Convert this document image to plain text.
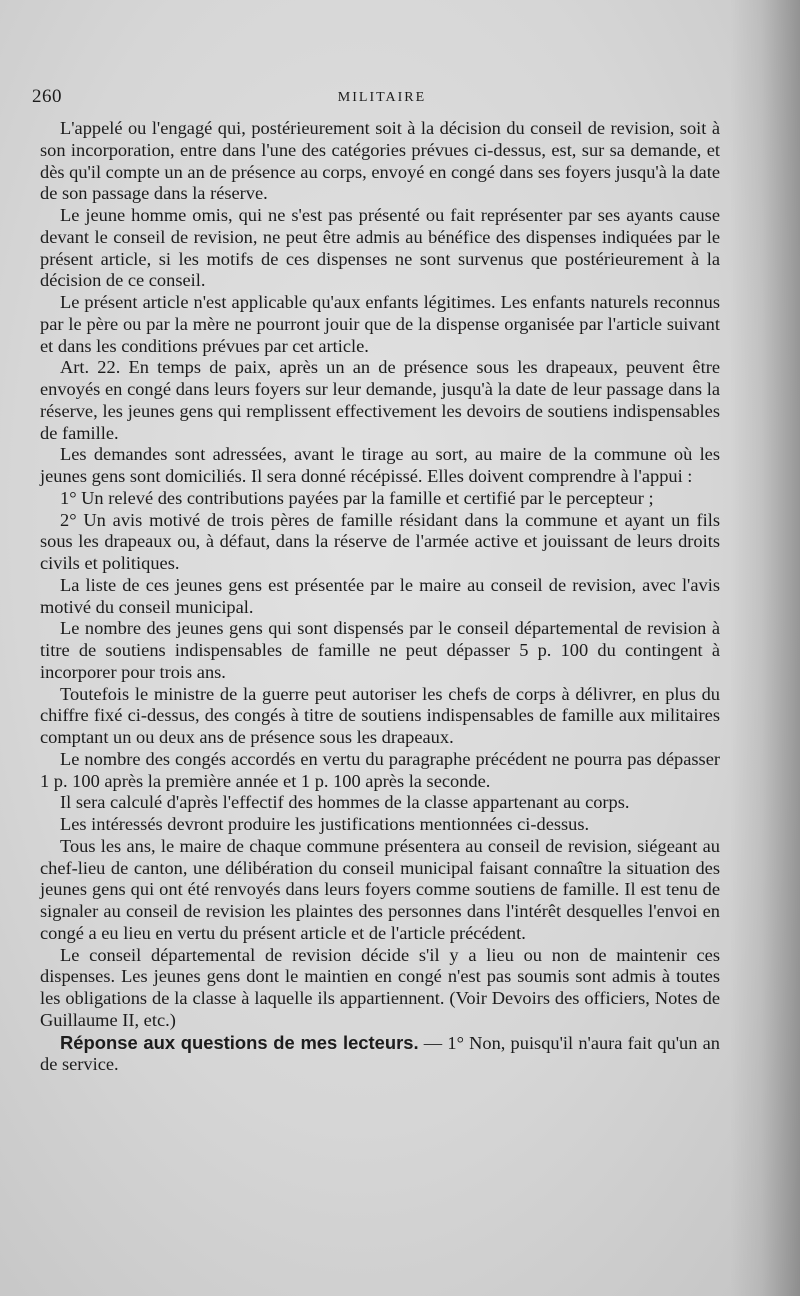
260	MILITAIRE

L'appelé ou l'engagé qui, postérieurement soit à la décision du conseil de revision, soit à son incorporation, entre dans l'une des catégories prévues ci-dessus, est, sur sa demande, et dès qu'il compte un an de présence au corps, envoyé en congé dans ses foyers jusqu'à la date de son passage dans la réserve.

Le jeune homme omis, qui ne s'est pas présenté ou fait représenter par ses ayants cause devant le conseil de revision, ne peut être admis au bénéfice des dispenses indiquées par le présent article, si les motifs de ces dispenses ne sont survenus que postérieurement à la décision de ce conseil.

Le présent article n'est applicable qu'aux enfants légitimes. Les enfants naturels reconnus par le père ou par la mère ne pourront jouir que de la dispense organisée par l'article suivant et dans les conditions prévues par cet article.

Art. 22. En temps de paix, après un an de présence sous les drapeaux, peuvent être envoyés en congé dans leurs foyers sur leur demande, jusqu'à la date de leur passage dans la réserve, les jeunes gens qui remplissent effectivement les devoirs de soutiens indispensables de famille.

Les demandes sont adressées, avant le tirage au sort, au maire de la commune où les jeunes gens sont domiciliés. Il sera donné récépissé. Elles doivent comprendre à l'appui :

1° Un relevé des contributions payées par la famille et certifié par le percepteur ;

2° Un avis motivé de trois pères de famille résidant dans la commune et ayant un fils sous les drapeaux ou, à défaut, dans la réserve de l'armée active et jouissant de leurs droits civils et politiques.

La liste de ces jeunes gens est présentée par le maire au conseil de revision, avec l'avis motivé du conseil municipal.

Le nombre des jeunes gens qui sont dispensés par le conseil départemental de revision à titre de soutiens indispensables de famille ne peut dépasser 5 p. 100 du contingent à incorporer pour trois ans.

Toutefois le ministre de la guerre peut autoriser les chefs de corps à délivrer, en plus du chiffre fixé ci-dessus, des congés à titre de soutiens indispensables de famille aux militaires comptant un ou deux ans de présence sous les drapeaux.

Le nombre des congés accordés en vertu du paragraphe précédent ne pourra pas dépasser 1 p. 100 après la première année et 1 p. 100 après la seconde.

Il sera calculé d'après l'effectif des hommes de la classe appartenant au corps.

Les intéressés devront produire les justifications mentionnées ci-dessus.

Tous les ans, le maire de chaque commune présentera au conseil de revision, siégeant au chef-lieu de canton, une délibération du conseil municipal faisant connaître la situation des jeunes gens qui ont été renvoyés dans leurs foyers comme soutiens de famille. Il est tenu de signaler au conseil de revision les plaintes des personnes dans l'intérêt desquelles l'envoi en congé a eu lieu en vertu du présent article et de l'article précédent.

Le conseil départemental de revision décide s'il y a lieu ou non de maintenir ces dispenses. Les jeunes gens dont le maintien en congé n'est pas soumis sont admis à toutes les obligations de la classe à laquelle ils appartiennent. (Voir Devoirs des officiers, Notes de Guillaume II, etc.)

Réponse aux questions de mes lecteurs. — 1° Non, puisqu'il n'aura fait qu'un an de service.
